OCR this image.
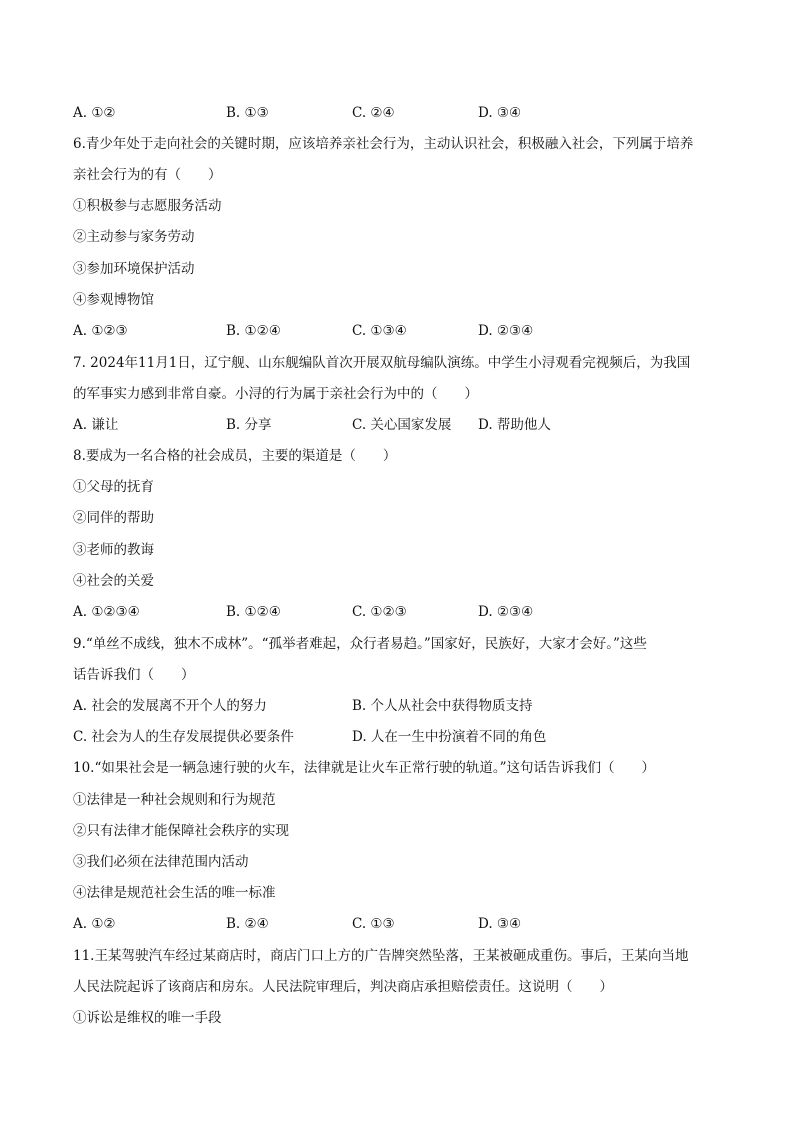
A. ①②	B. ①③	C. ②④	D. ③④
6.青少年处于走向社会的关键时期，应该培养亲社会行为，主动认识社会，积极融入社会，下列属于培养
亲社会行为的有（　　）
①积极参与志愿服务活动
②主动参与家务劳动
③参加环境保护活动
④参观博物馆
A. ①②③	B. ①②④	C. ①③④	D. ②③④
7. 2024年11月1日，辽宁舰、山东舰编队首次开展双航母编队演练。中学生小浔观看完视频后，为我国
的军事实力感到非常自豪。小浔的行为属于亲社会行为中的（　　）
A. 谦让	B. 分享	C. 关心国家发展 D. 帮助他人
8.要成为一名合格的社会成员，主要的渠道是（　　）
①父母的抚育
②同伴的帮助
③老师的教诲
④社会的关爱
A. ①②③④	B. ①②④	C. ①②③	D. ②③④
9.“单丝不成线，独木不成林”。“孤举者难起，众行者易趋。”国家好，民族好，大家才会好。”这些
话告诉我们（　　）
A. 社会的发展离不开个人的努力	B. 个人从社会中获得物质支持
C. 社会为人的生存发展提供必要条件	D. 人在一生中扮演着不同的角色
10.“如果社会是一辆急速行驶的火车，法律就是让火车正常行驶的轨道。”这句话告诉我们（　　）
①法律是一种社会规则和行为规范
②只有法律才能保障社会秩序的实现
③我们必须在法律范围内活动
④法律是规范社会生活的唯一标准
A. ①②	B. ②④	C. ①③	D. ③④
11.王某驾驶汽车经过某商店时，商店门口上方的广告牌突然坠落，王某被砸成重伤。事后，王某向当地
人民法院起诉了该商店和房东。人民法院审理后，判决商店承担赔偿责任。这说明（　　）
①诉讼是维权的唯一手段
